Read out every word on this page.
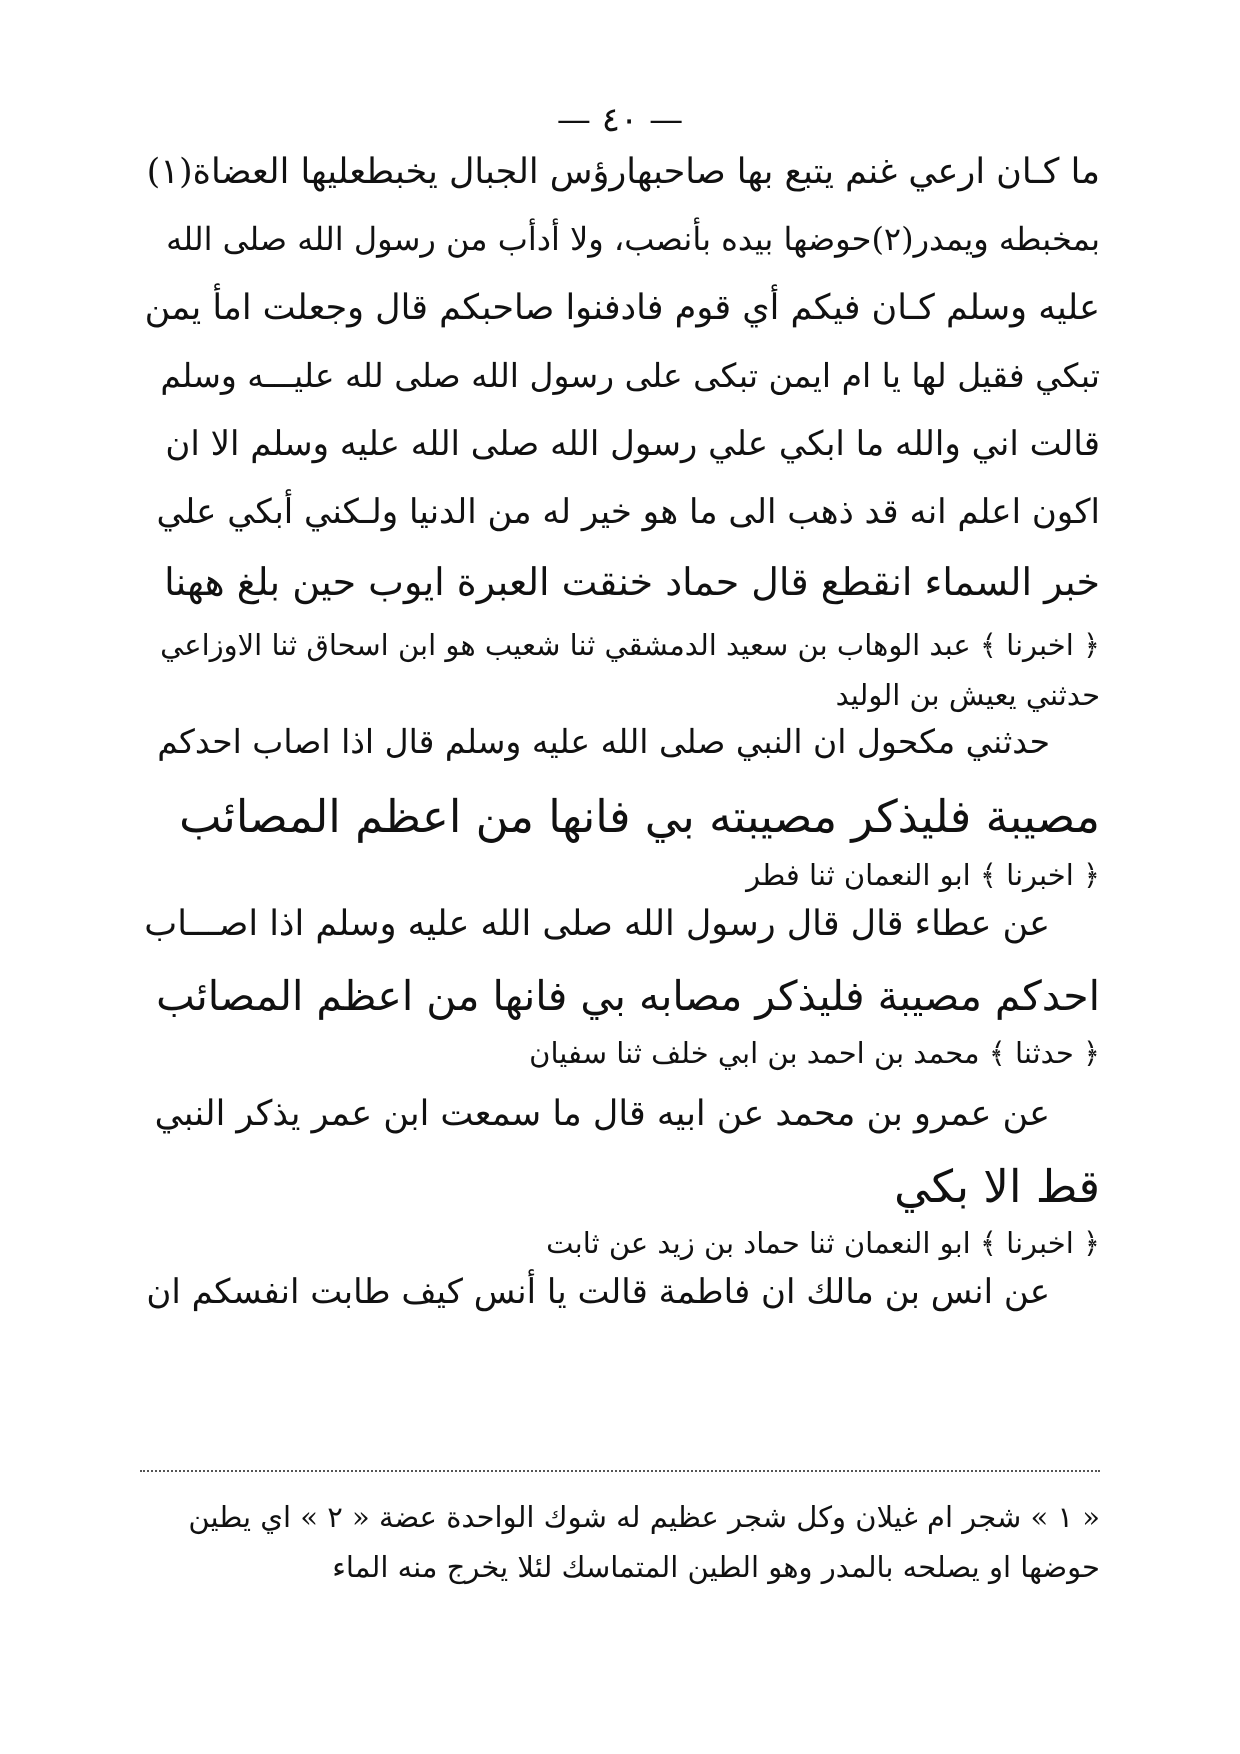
— ٤٠ —
ما كـان ارعي غنم يتبع بها صاحبهارؤس الجبال يخبطعليها العضاة(١)
بمخبطه ويمدر(٢)حوضها بيده بأنصب، ولا أدأب من رسول الله صلى الله
عليه وسلم كـان فيكم أي قوم فادفنوا صاحبكم قال وجعلت امأ يمن
تبكي فقيل لها يا ام ايمن تبكى على رسول الله صلى لله عليـــه وسلم
قالت اني والله ما ابكي علي رسول الله صلى الله عليه وسلم الا ان
اكون اعلم انه قد ذهب الى ما هو خير له من الدنيا ولـكني أبكي علي
خبر السماء انقطع قال حماد خنقت العبرة ايوب حين بلغ ههنا
﴿ اخبرنا ﴾ عبد الوهاب بن سعيد الدمشقي ثنا شعيب هو ابن اسحاق ثنا الاوزاعي
حدثني يعيش بن الوليد
حدثني مكحول ان النبي صلى الله عليه وسلم قال اذا اصاب احدكم
مصيبة فليذكر مصيبته بي فانها من اعظم المصائب
﴿ اخبرنا ﴾ ابو النعمان ثنا فطر
عن عطاء قال قال رسول الله صلى الله عليه وسلم اذا اصـــاب
احدكم مصيبة فليذكر مصابه بي فانها من اعظم المصائب
﴿ حدثنا ﴾ محمد بن احمد بن ابي خلف ثنا سفيان
عن عمرو بن محمد عن ابيه قال ما سمعت ابن عمر يذكر النبي
قط الا بكي
﴿ اخبرنا ﴾ ابو النعمان ثنا حماد بن زيد عن ثابت
عن انس بن مالك ان فاطمة قالت يا أنس كيف طابت انفسكم ان
« ١ » شجر ام غيلان وكل شجر عظيم له شوك الواحدة عضة « ٢ » اي يطين
حوضها او يصلحه بالمدر وهو الطين المتماسك لئلا يخرج منه الماء
